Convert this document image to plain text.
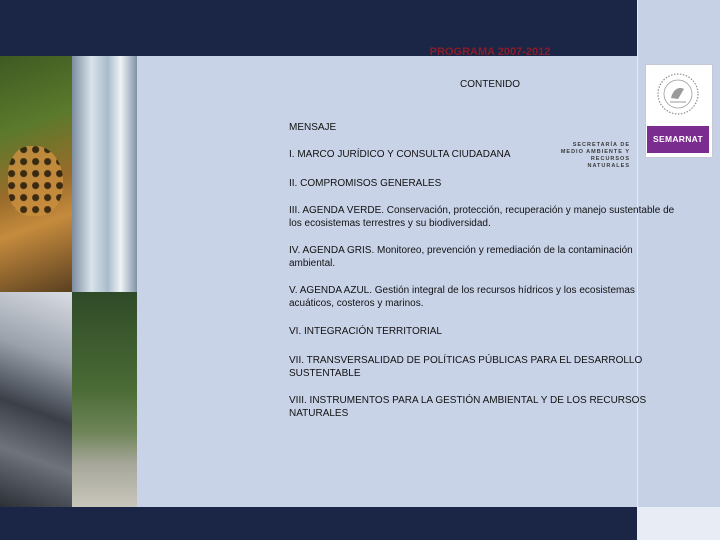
PROGRAMA 2007-2012
CONTENIDO

MENSAJE

I. MARCO JURÍDICO Y CONSULTA CIUDADANA

II. COMPROMISOS GENERALES

III. AGENDA VERDE. Conservación, protección, recuperación y manejo sustentable de los ecosistemas terrestres y su biodiversidad.

IV. AGENDA GRIS. Monitoreo, prevención y remediación de la contaminación ambiental.

V. AGENDA AZUL. Gestión integral de los recursos hídricos y los ecosistemas acuáticos, costeros y marinos.

VI. INTEGRACIÓN TERRITORIAL

VII. TRANSVERSALIDAD DE POLÍTICAS PÚBLICAS PARA EL DESARROLLO SUSTENTABLE

VIII. INSTRUMENTOS PARA LA GESTIÓN AMBIENTAL Y DE LOS RECURSOS NATURALES

SECRETARÍA DE
MEDIO AMBIENTE Y
RECURSOS NATURALES
SEMARNAT
